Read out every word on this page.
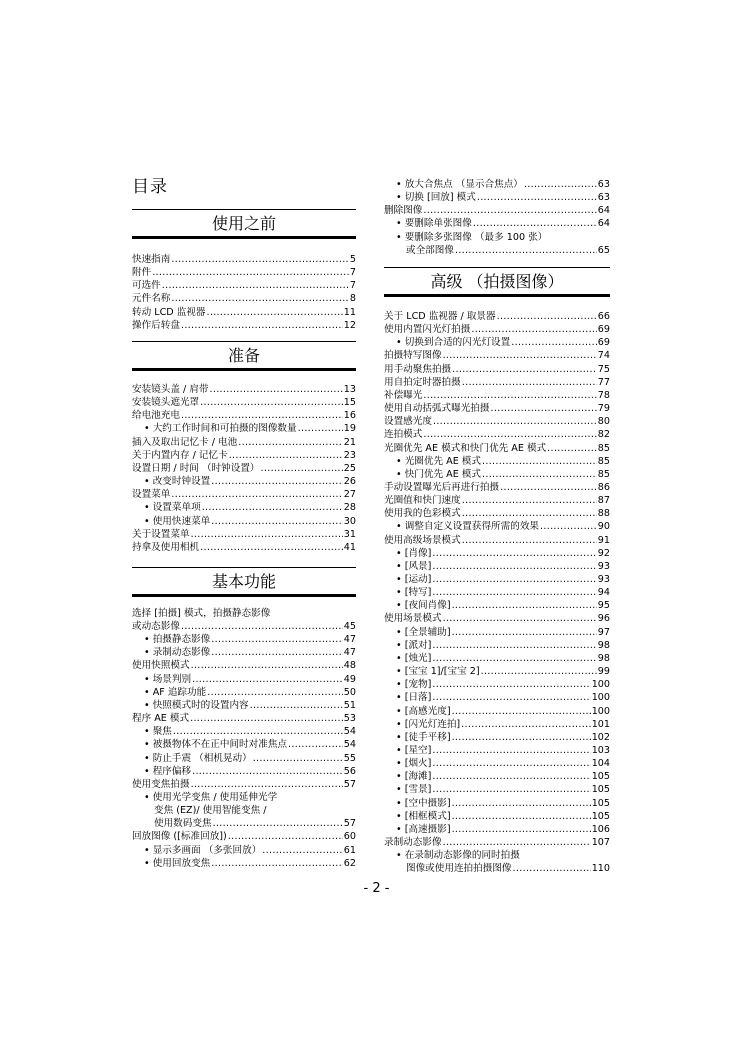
目录
使用之前
快速指南 .....	5
附件 .....	7
可选件 .....	7
元件名称 .....	8
转动 LCD 监视器 .....	11
操作后转盘 .....	12
准备
安装镜头盖 / 肩带 .....	13
安装镜头遮光罩 .....	15
给电池充电 .....	16
• 大约工作时间和可拍摄的图像数量 .....	19
插入及取出记忆卡 / 电池 .....	21
关于内置内存 / 记忆卡 .....	23
设置日期 / 时间 （时钟设置） .....	25
• 改变时钟设置 .....	26
设置菜单 .....	27
• 设置菜单项 .....	28
• 使用快速菜单 .....	30
关于设置菜单 .....	31
持拿及使用相机 .....	41
基本功能
选择 [拍摄] 模式，拍摄静态影像
或动态影像 .....	45
• 拍摄静态影像 .....	47
• 录制动态影像 .....	47
使用快照模式 .....	48
• 场景判别 .....	49
• AF 追踪功能 .....	50
• 快照模式时的设置内容 .....	51
程序 AE 模式 .....	53
• 聚焦 .....	54
• 被摄物体不在正中间时对准焦点 .....	54
• 防止手震 （相机晃动） .....	55
• 程序偏移 .....	56
使用变焦拍摄 .....	57
• 使用光学变焦 / 使用延伸光学
变焦 (EZ)/ 使用智能变焦 /
使用数码变焦 .....	57
回放图像 ([标准回放]) .....	60
• 显示多画面 （多张回放） .....	61
• 使用回放变焦 .....	62
• 放大合焦点 （显示合焦点） .....	63
• 切换 [回放] 模式 .....	63
删除图像 .....	64
• 要删除单张图像 .....	64
• 要删除多张图像 （最多 100 张）
或全部图像 .....	65
高级 （拍摄图像）
关于 LCD 监视器 / 取景器 .....	66
使用内置闪光灯拍摄 .....	69
• 切换到合适的闪光灯设置 .....	69
拍摄特写图像 .....	74
用手动聚焦拍摄 .....	75
用自拍定时器拍摄 .....	77
补偿曝光 .....	78
使用自动括弧式曝光拍摄 .....	79
设置感光度 .....	80
连拍模式 .....	82
光圈优先 AE 模式和快门优先 AE 模式 .....	85
• 光圈优先 AE 模式 .....	85
• 快门优先 AE 模式 .....	85
手动设置曝光后再进行拍摄 .....	86
光圈值和快门速度 .....	87
使用我的色彩模式 .....	88
• 调整自定义设置获得所需的效果 .....	90
使用高级场景模式 .....	91
• [肖像] .....	92
• [风景] .....	93
• [运动] .....	93
• [特写] .....	94
• [夜间肖像] .....	95
使用场景模式 .....	96
• [全景辅助] .....	97
• [派对] .....	98
• [烛光] .....	98
• [宝宝 1]/[宝宝 2] .....	99
• [宠物] .....	100
• [日落] .....	100
• [高感光度] .....	100
• [闪光灯连拍] .....	101
• [徒手平移] .....	102
• [星空] .....	103
• [烟火] .....	104
• [海滩] .....	105
• [雪景] .....	105
• [空中摄影] .....	105
• [相框模式] .....	105
• [高速摄影] .....	106
录制动态影像 .....	107
• 在录制动态影像的同时拍摄
图像或使用连拍拍摄图像 .....	110
- 2 -
